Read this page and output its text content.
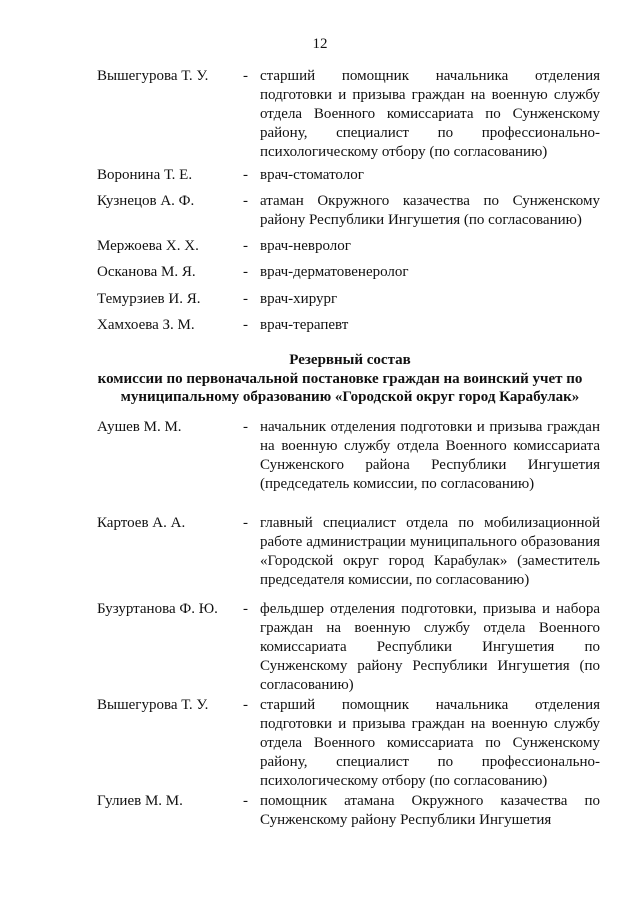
12
Вышегурова Т. У. - старший помощник начальника отделения подготовки и призыва граждан на военную службу отдела Военного комиссариата по Сунженскому району, специалист по профессионально-психологическому отбору (по согласованию)
Воронина Т. Е.	- врач-стоматолог
Кузнецов А. Ф.	- атаман Окружного казачества по Сунженскому району Республики Ингушетия (по согласованию)
Мержоева Х. Х.	- врач-невролог
Осканова М. Я.	- врач-дерматовенеролог
Темурзиев И. Я.	- врач-хирург
Хамхоева З. М.	- врач-терапевт
Резервный состав
комиссии по первоначальной постановке граждан на воинский учет по
муниципальному образованию «Городской округ город Карабулак»
Аушев М. М.	- начальник отделения подготовки и призыва граждан на военную службу отдела Военного комиссариата Сунженского района Республики Ингушетия (председатель комиссии, по согласованию)
Картоев А. А.	- главный специалист отдела по мобилизационной работе администрации муниципального образования «Городской округ город Карабулак» (заместитель председателя комиссии, по согласованию)
Бузуртанова Ф. Ю. - фельдшер отделения подготовки, призыва и набора граждан на военную службу отдела Военного комиссариата Республики Ингушетия по Сунженскому району Республики Ингушетия (по согласованию)
Вышегурова Т. У. - старший помощник начальника отделения подготовки и призыва граждан на военную службу отдела Военного комиссариата по Сунженскому району, специалист по профессионально-психологическому отбору (по согласованию)
Гулиев М. М.	- помощник атамана Окружного казачества по Сунженскому району Республики Ингушетия
